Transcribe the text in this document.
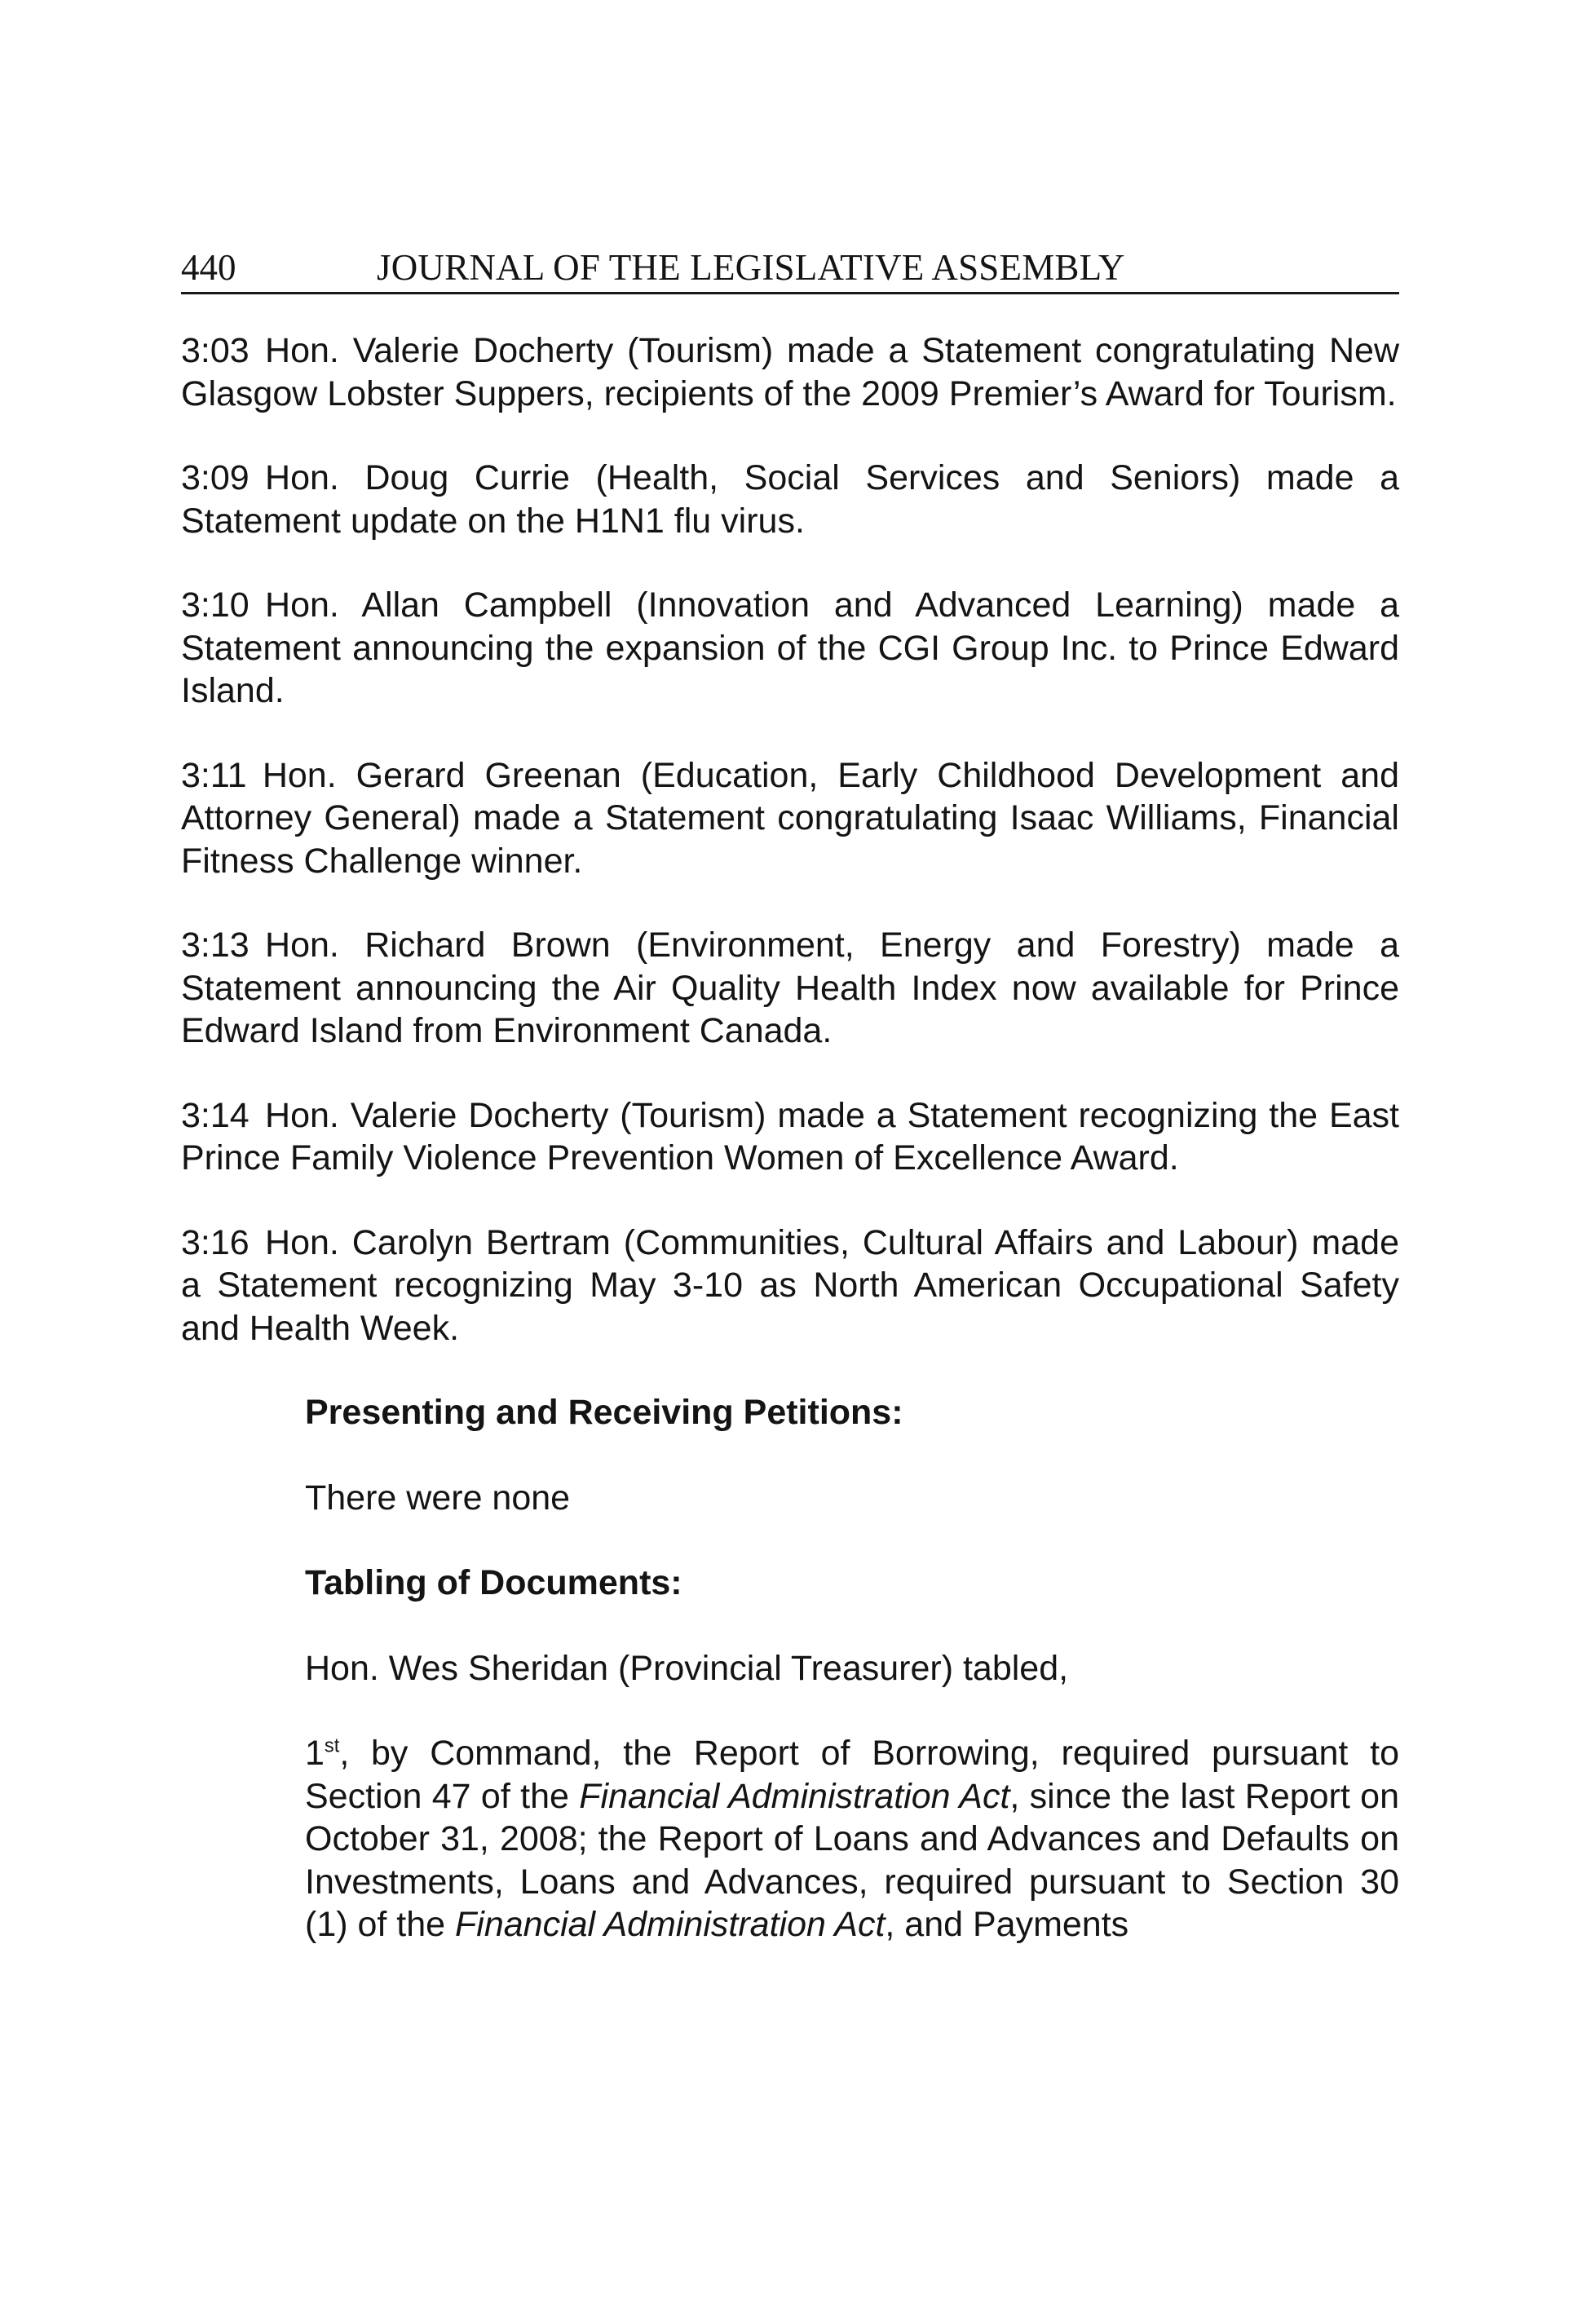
440	JOURNAL OF THE LEGISLATIVE ASSEMBLY

3:03 Hon. Valerie Docherty (Tourism) made a Statement congratulating New Glasgow Lobster Suppers, recipients of the 2009 Premier’s Award for Tourism.

3:09 Hon. Doug Currie (Health, Social Services and Seniors) made a Statement update on the H1N1 flu virus.

3:10 Hon. Allan Campbell (Innovation and Advanced Learning) made a Statement announcing the expansion of the CGI Group Inc. to Prince Edward Island.

3:11 Hon. Gerard Greenan (Education, Early Childhood Development and Attorney General) made a Statement congratulating Isaac Williams, Financial Fitness Challenge winner.

3:13 Hon. Richard Brown (Environment, Energy and Forestry) made a Statement announcing the Air Quality Health Index now available for Prince Edward Island from Environment Canada.

3:14 Hon. Valerie Docherty (Tourism) made a Statement recognizing the East Prince Family Violence Prevention Women of Excellence Award.

3:16 Hon. Carolyn Bertram (Communities, Cultural Affairs and Labour) made a Statement recognizing May 3-10 as North American Occupational Safety and Health Week.

Presenting and Receiving Petitions:

There were none

Tabling of Documents:

Hon. Wes Sheridan (Provincial Treasurer) tabled,

1st, by Command, the Report of Borrowing, required pursuant to Section 47 of the Financial Administration Act, since the last Report on October 31, 2008; the Report of Loans and Advances and Defaults on Investments, Loans and Advances, required pursuant to Section 30 (1) of the Financial Administration Act, and Payments
